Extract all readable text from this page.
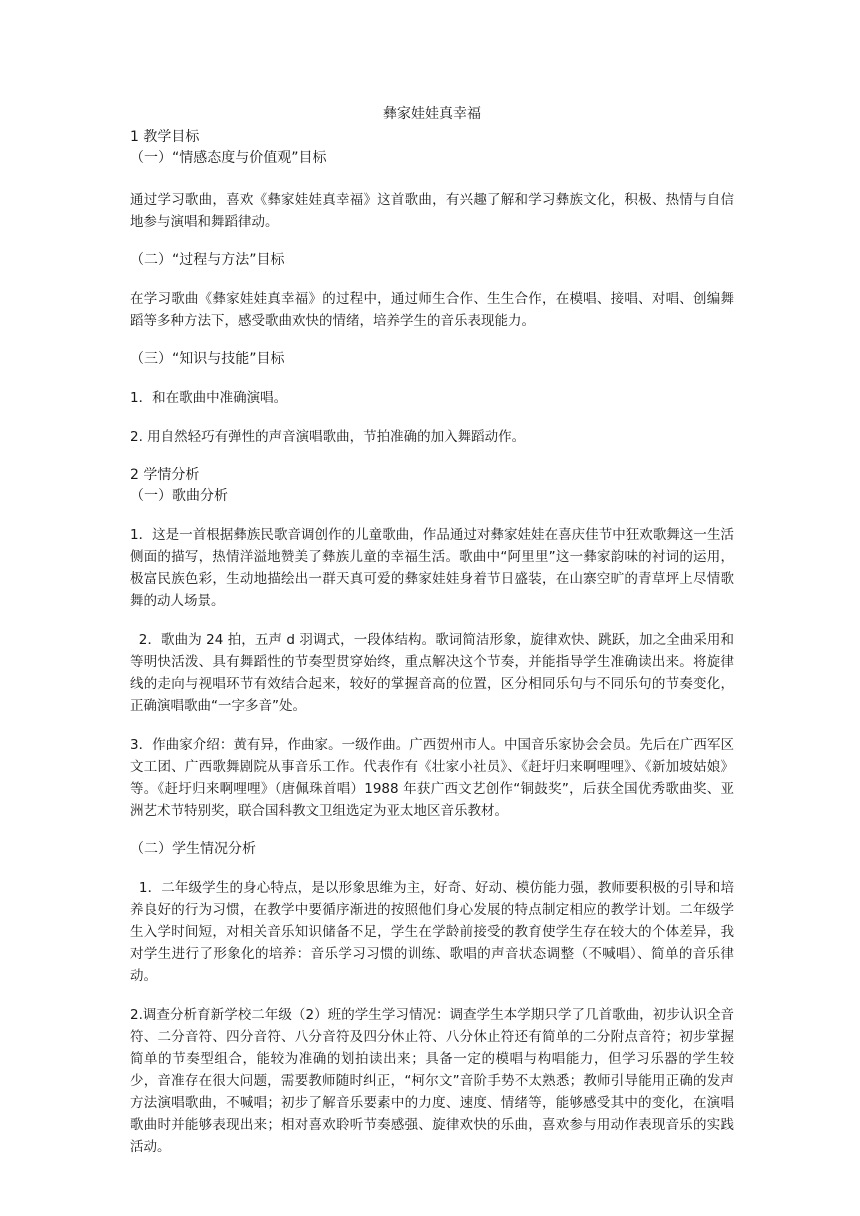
彝家娃娃真幸福
1 教学目标
（一）“情感态度与价值观”目标
通过学习歌曲，喜欢《彝家娃娃真幸福》这首歌曲，有兴趣了解和学习彝族文化，积极、热情与自信地参与演唱和舞蹈律动。
（二）“过程与方法”目标
在学习歌曲《彝家娃娃真幸福》的过程中，通过师生合作、生生合作，在模唱、接唱、对唱、创编舞蹈等多种方法下，感受歌曲欢快的情绪，培养学生的音乐表现能力。
（三）“知识与技能”目标
1．和在歌曲中准确演唱。
2. 用自然轻巧有弹性的声音演唱歌曲，节拍准确的加入舞蹈动作。
2 学情分析
（一）歌曲分析
1．这是一首根据彝族民歌音调创作的儿童歌曲，作品通过对彝家娃娃在喜庆佳节中狂欢歌舞这一生活侧面的描写，热情洋溢地赞美了彝族儿童的幸福生活。歌曲中“阿里里”这一彝家韵味的衬词的运用，极富民族色彩，生动地描绘出一群天真可爱的彝家娃娃身着节日盛装，在山寨空旷的青草坪上尽情歌舞的动人场景。
2．歌曲为 24 拍，五声 d 羽调式，一段体结构。歌词简洁形象，旋律欢快、跳跃，加之全曲采用和等明快活泼、具有舞蹈性的节奏型贯穿始终，重点解决这个节奏，并能指导学生准确读出来。将旋律线的走向与视唱环节有效结合起来，较好的掌握音高的位置，区分相同乐句与不同乐句的节奏变化，正确演唱歌曲“一字多音”处。
3．作曲家介绍：黄有异，作曲家。一级作曲。广西贺州市人。中国音乐家协会会员。先后在广西军区文工团、广西歌舞剧院从事音乐工作。代表作有《壮家小社员》、《赶圩归来啊哩哩》、《新加坡姑娘》等。《赶圩归来啊哩哩》（唐佩珠首唱）1988 年获广西文艺创作“铜鼓奖”，后获全国优秀歌曲奖、亚洲艺术节特别奖，联合国科教文卫组选定为亚太地区音乐教材。
（二）学生情况分析
1．二年级学生的身心特点，是以形象思维为主，好奇、好动、模仿能力强，教师要积极的引导和培养良好的行为习惯，在教学中要循序渐进的按照他们身心发展的特点制定相应的教学计划。二年级学生入学时间短，对相关音乐知识储备不足，学生在学龄前接受的教育使学生存在较大的个体差异，我对学生进行了形象化的培养：音乐学习习惯的训练、歌唱的声音状态调整（不喊唱）、简单的音乐律动。
2.调查分析育新学校二年级（2）班的学生学习情况：调查学生本学期只学了几首歌曲，初步认识全音符、二分音符、四分音符、八分音符及四分休止符、八分休止符还有简单的二分附点音符；初步掌握简单的节奏型组合，能较为准确的划拍读出来；具备一定的模唱与构唱能力，但学习乐器的学生较少，音准存在很大问题，需要教师随时纠正，“柯尔文”音阶手势不太熟悉；教师引导能用正确的发声方法演唱歌曲，不喊唱；初步了解音乐要素中的力度、速度、情绪等，能够感受其中的变化，在演唱歌曲时并能够表现出来；相对喜欢聆听节奏感强、旋律欢快的乐曲，喜欢参与用动作表现音乐的实践活动。
